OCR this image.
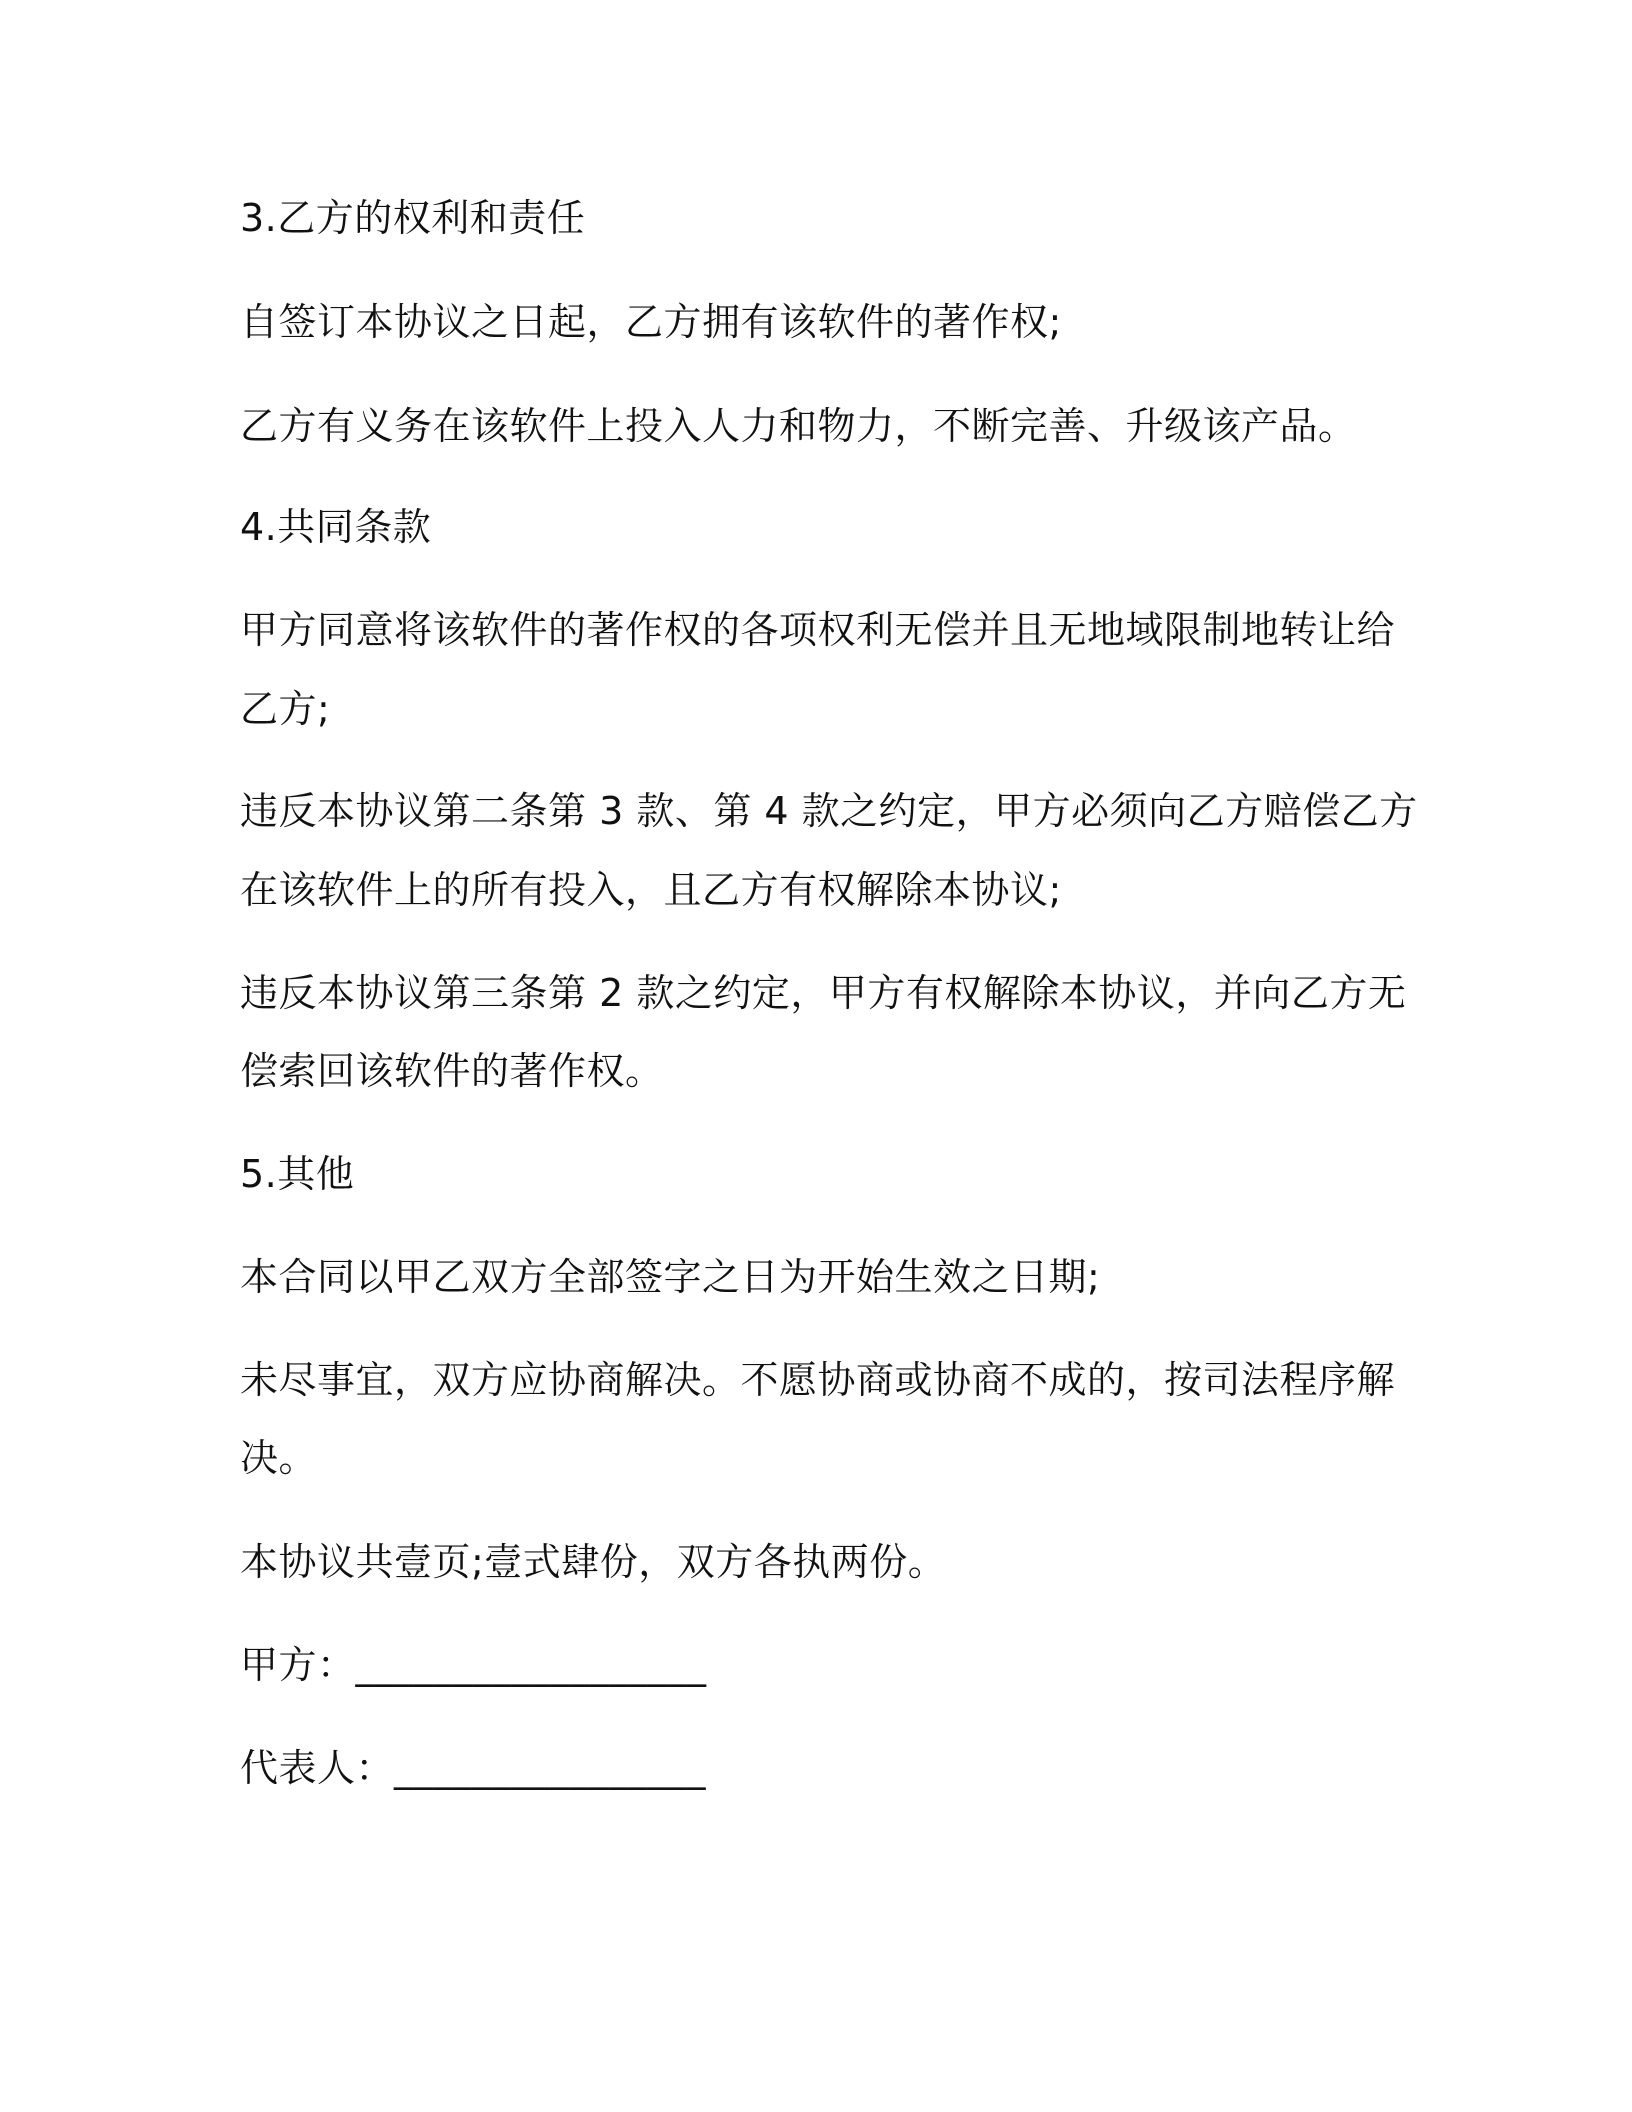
3.乙方的权利和责任
自签订本协议之日起，乙方拥有该软件的著作权;
乙方有义务在该软件上投入人力和物力，不断完善、升级该产品。
4.共同条款
甲方同意将该软件的著作权的各项权利无偿并且无地域限制地转让给
乙方;
违反本协议第二条第 3 款、第 4 款之约定，甲方必须向乙方赔偿乙方
在该软件上的所有投入，且乙方有权解除本协议;
违反本协议第三条第 2 款之约定，甲方有权解除本协议，并向乙方无
偿索回该软件的著作权。
5.其他
本合同以甲乙双方全部签字之日为开始生效之日期;
未尽事宜，双方应协商解决。不愿协商或协商不成的，按司法程序解
决。
本协议共壹页;壹式肆份，双方各执两份。
甲方：__________________
代表人：________________
